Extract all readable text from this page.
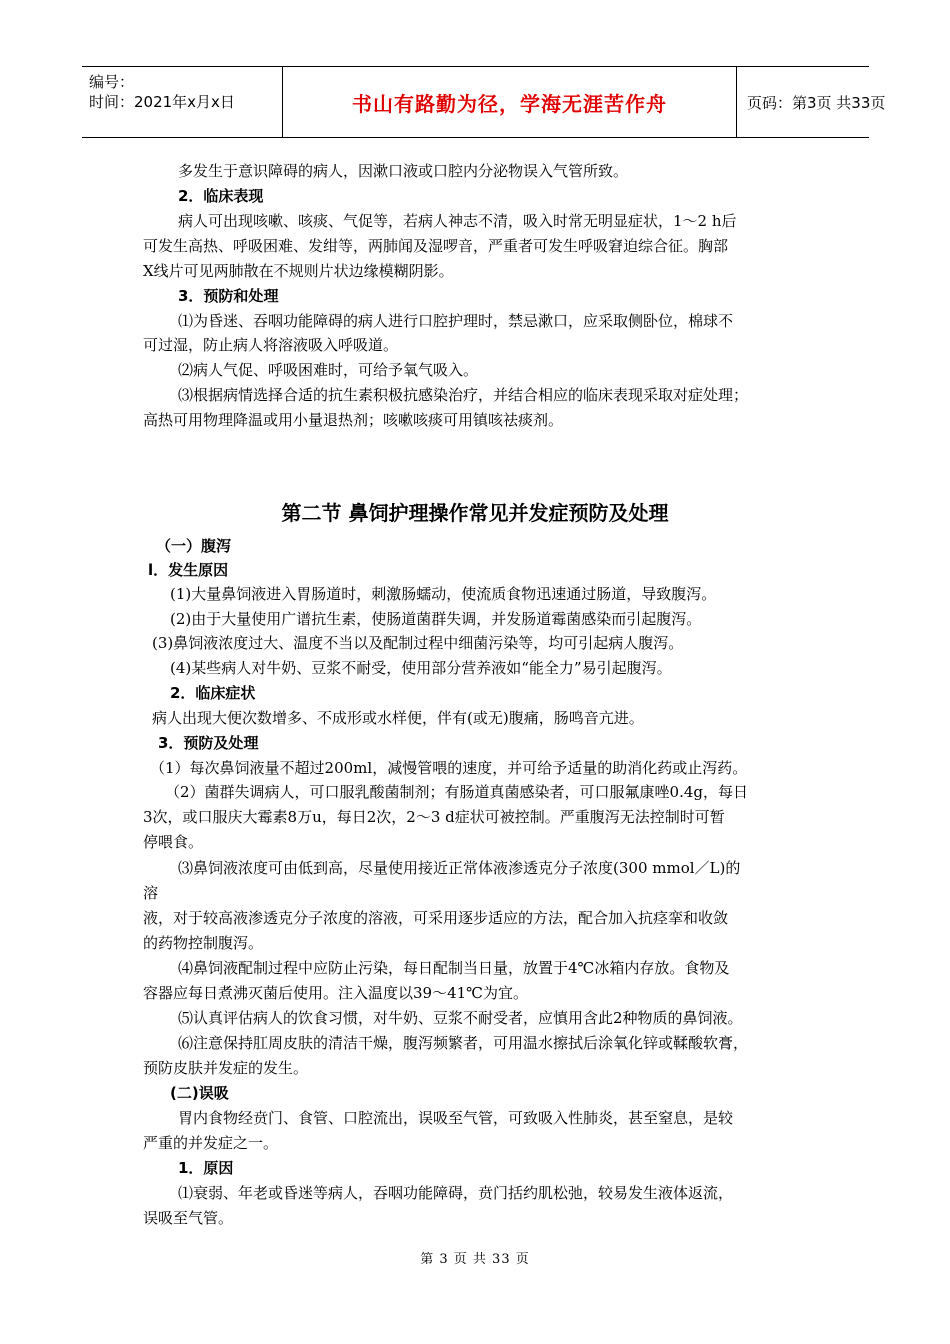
编号：
时间：2021年x月x日	书山有路勤为径，学海无涯苦作舟	页码：第3页 共33页
多发生于意识障碍的病人，因漱口液或口腔内分泌物误入气管所致。
2．临床表现
病人可出现咳嗽、咳痰、气促等，若病人神志不清，吸入时常无明显症状，1～2 h后
可发生高热、呼吸困难、发绀等，两肺闻及湿啰音，严重者可发生呼吸窘迫综合征。胸部
X线片可见两肺散在不规则片状边缘模糊阴影。
3．预防和处理
⑴为昏迷、吞咽功能障碍的病人进行口腔护理时，禁忌漱口，应采取侧卧位，棉球不
可过湿，防止病人将溶液吸入呼吸道。
⑵病人气促、呼吸困难时，可给予氧气吸入。
⑶根据病情选择合适的抗生素积极抗感染治疗，并结合相应的临床表现采取对症处理；
高热可用物理降温或用小量退热剂；咳嗽咳痰可用镇咳祛痰剂。
第二节 鼻饲护理操作常见并发症预防及处理
（一）腹泻
l．发生原因
(1)大量鼻饲液进入胃肠道时，刺激肠蠕动，使流质食物迅速通过肠道，导致腹泻。
(2)由于大量使用广谱抗生素，使肠道菌群失调，并发肠道霉菌感染而引起腹泻。
(3)鼻饲液浓度过大、温度不当以及配制过程中细菌污染等，均可引起病人腹泻。
(4)某些病人对牛奶、豆浆不耐受，使用部分营养液如“能全力”易引起腹泻。
2．临床症状
病人出现大便次数增多、不成形或水样便，伴有(或无)腹痛，肠鸣音亢进。
3．预防及处理
（1）每次鼻饲液量不超过200ml，减慢管喂的速度，并可给予适量的助消化药或止泻药。
（2）菌群失调病人，可口服乳酸菌制剂；有肠道真菌感染者，可口服氟康唑0.4g，每日
3次，或口服庆大霉素8万u，每日2次，2～3 d症状可被控制。严重腹泻无法控制时可暂
停喂食。
⑶鼻饲液浓度可由低到高，尽量使用接近正常体液渗透克分子浓度(300 mmol／L)的
溶
液，对于较高液渗透克分子浓度的溶液，可采用逐步适应的方法，配合加入抗痉挛和收敛
的药物控制腹泻。
⑷鼻饲液配制过程中应防止污染，每日配制当日量，放置于4℃冰箱内存放。食物及
容器应每日煮沸灭菌后使用。注入温度以39～41℃为宜。
⑸认真评估病人的饮食习惯，对牛奶、豆浆不耐受者，应慎用含此2种物质的鼻饲液。
⑹注意保持肛周皮肤的清洁干燥，腹泻频繁者，可用温水擦拭后涂氧化锌或鞣酸软膏，
预防皮肤并发症的发生。
(二)误吸
胃内食物经贲门、食管、口腔流出，误吸至气管，可致吸入性肺炎，甚至窒息，是较
严重的并发症之一。
1．原因
⑴衰弱、年老或昏迷等病人，吞咽功能障碍，贲门括约肌松弛，较易发生液体返流，
误吸至气管。
第 3 页 共 33 页
